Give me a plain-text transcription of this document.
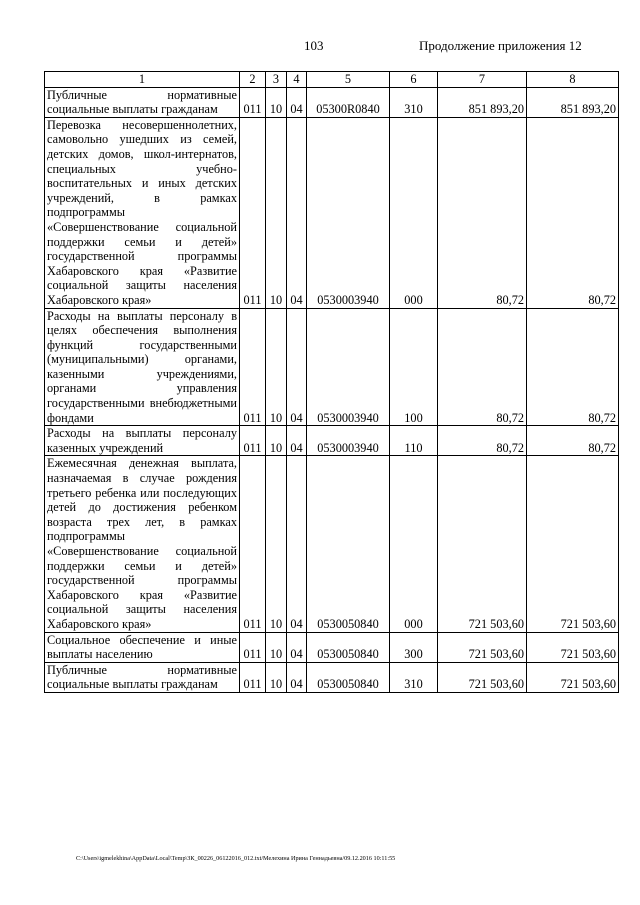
103	Продолжение приложения 12
1	2	3	4	5	6	7	8
Публичные нормативные социальные выплаты гражданам	011	10	04	05300R0840	310	851 893,20	851 893,20
Перевозка несовершеннолетних, самовольно ушедших из семей, детских домов, школ-интернатов, специальных учебно-воспитательных и иных детских учреждений, в рамках подпрограммы «Совершенствование социальной поддержки семьи и детей» государственной программы Хабаровского края «Развитие социальной защиты населения Хабаровского края»	011	10	04	0530003940	000	80,72	80,72
Расходы на выплаты персоналу в целях обеспечения выполнения функций государственными (муниципальными) органами, казенными учреждениями, органами управления государственными внебюджетными фондами	011	10	04	0530003940	100	80,72	80,72
Расходы на выплаты персоналу казенных учреждений	011	10	04	0530003940	110	80,72	80,72
Ежемесячная денежная выплата, назначаемая в случае рождения третьего ребенка или последующих детей до достижения ребенком возраста трех лет, в рамках подпрограммы «Совершенствование социальной поддержки семьи и детей» государственной программы Хабаровского края «Развитие социальной защиты населения Хабаровского края»	011	10	04	0530050840	000	721 503,60	721 503,60
Социальное обеспечение и иные выплаты населению	011	10	04	0530050840	300	721 503,60	721 503,60
Публичные нормативные социальные выплаты гражданам	011	10	04	0530050840	310	721 503,60	721 503,60
C:\Users\igmelekhina\AppData\Local\Temp\ЗК_00226_06122016_012.txt/Мелехина Ирина Геннадьевна/09.12.2016 10:11:55
